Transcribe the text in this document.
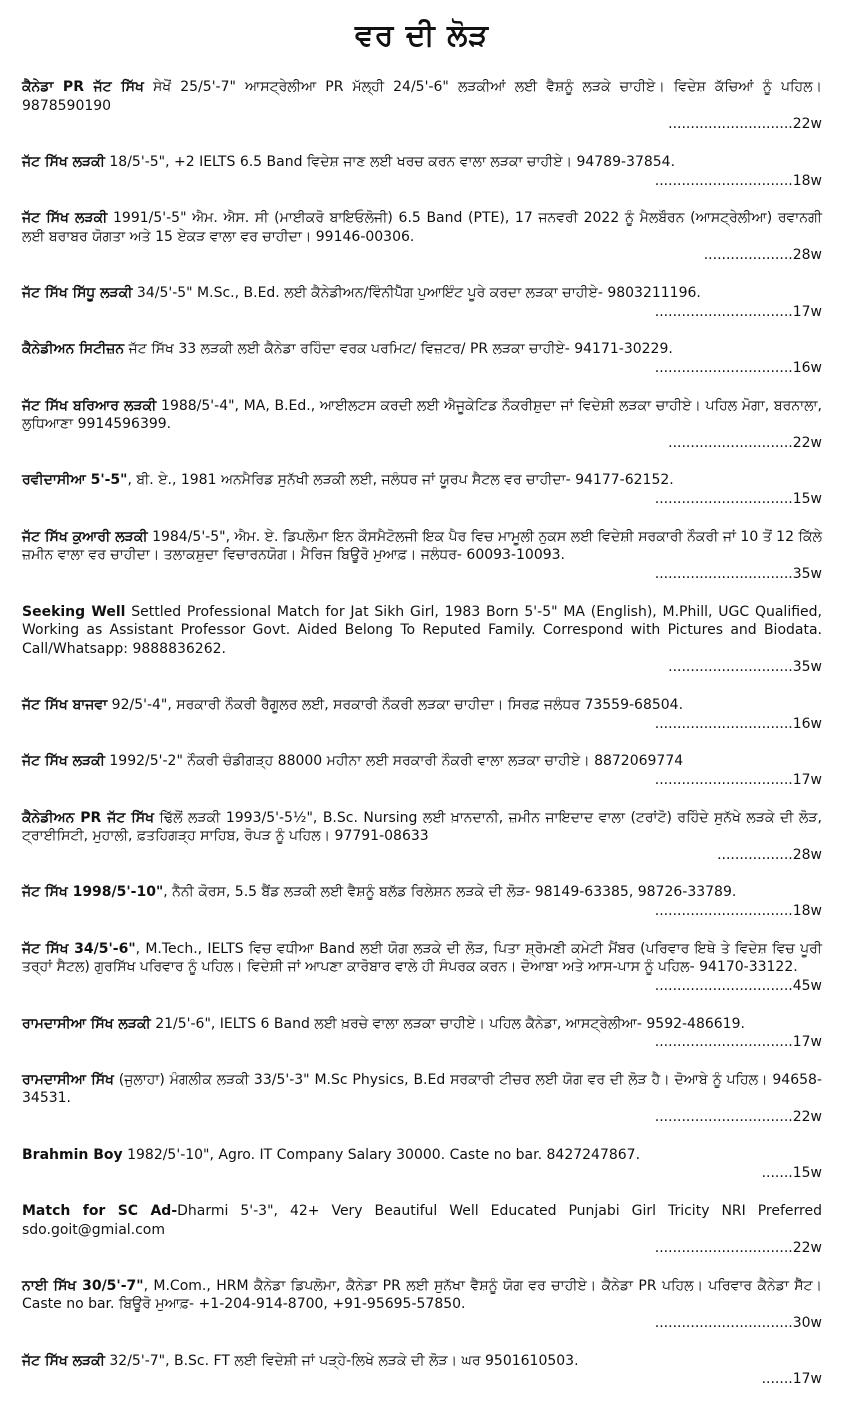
ਵਰ ਦੀ ਲੋੜ
ਕੈਨੇਡਾ PR ਜੱਟ ਸਿੱਖ ਸੇਖੋਂ 25/5'-7" ਆਸਟ੍ਰੇਲੀਆ PR ਮੱਲ੍ਹੀ 24/5'-6" ਲੜਕੀਆਂ ਲਈ ਵੈਸ਼ਨੂੰ ਲੜਕੇ ਚਾਹੀਏ। ਵਿਦੇਸ਼ ਕੱਚਿਆਂ ਨੂੰ ਪਹਿਲ। 9878590190
............................22w
ਜੱਟ ਸਿੱਖ ਲੜਕੀ 18/5'-5", +2 IELTS 6.5 Band ਵਿਦੇਸ਼ ਜਾਣ ਲਈ ਖਰਚ ਕਰਨ ਵਾਲਾ ਲੜਕਾ ਚਾਹੀਏ। 94789-37854.
...............................18w
ਜੱਟ ਸਿੱਖ ਲੜਕੀ 1991/5'-5" ਐਮ. ਐਸ. ਸੀ (ਮਾਈਕਰੋ ਬਾਇਓਲੋਜੀ) 6.5 Band (PTE), 17 ਜਨਵਰੀ 2022 ਨੂੰ ਮੈਲਬੌਰਨ (ਆਸਟ੍ਰੇਲੀਆ) ਰਵਾਨਗੀ ਲਈ ਬਰਾਬਰ ਯੋਗਤਾ ਅਤੇ 15 ਏਕੜ ਵਾਲਾ ਵਰ ਚਾਹੀਦਾ। 99146-00306.
....................28w
ਜੱਟ ਸਿੱਖ ਸਿੱਧੂ ਲੜਕੀ 34/5'-5" M.Sc., B.Ed. ਲਈ ਕੈਨੇਡੀਅਨ/ਵਿੰਨੀਪੈੱਗ ਪੁਆਇੰਟ ਪੂਰੇ ਕਰਦਾ ਲੜਕਾ ਚਾਹੀਏ- 9803211196.
...............................17w
ਕੈਨੇਡੀਅਨ ਸਿਟੀਜ਼ਨ ਜੱਟ ਸਿੱਖ 33 ਲੜਕੀ ਲਈ ਕੈਨੇਡਾ ਰਹਿੰਦਾ ਵਰਕ ਪਰਮਿਟ/ ਵਿਜ਼ਟਰ/ PR ਲੜਕਾ ਚਾਹੀਏ- 94171-30229.
...............................16w
ਜੱਟ ਸਿੱਖ ਬਰਿਆਰ ਲੜਕੀ 1988/5'-4", MA, B.Ed., ਆਈਲਟਸ ਕਰਦੀ ਲਈ ਐਜੂਕੇਟਿਡ ਨੌਕਰੀਸ਼ੁਦਾ ਜਾਂ ਵਿਦੇਸ਼ੀ ਲੜਕਾ ਚਾਹੀਏ। ਪਹਿਲ ਮੋਗਾ, ਬਰਨਾਲਾ, ਲੁਧਿਆਣਾ 9914596399.
............................22w
ਰਵੀਦਾਸੀਆ 5'-5", ਬੀ. ਏ., 1981 ਅਨਮੈਰਿਡ ਸੁਨੱਖੀ ਲੜਕੀ ਲਈ, ਜਲੰਧਰ ਜਾਂ ਯੂਰਪ ਸੈਟਲ ਵਰ ਚਾਹੀਦਾ- 94177-62152.
...............................15w
ਜੱਟ ਸਿੱਖ ਕੁਆਰੀ ਲੜਕੀ 1984/5'-5", ਐਮ. ਏ. ਡਿਪਲੋਮਾ ਇਨ ਕੌਸਮੈਟੋਲਜੀ ਇਕ ਪੈਰ ਵਿਚ ਮਾਮੂਲੀ ਨੁਕਸ ਲਈ ਵਿਦੇਸ਼ੀ ਸਰਕਾਰੀ ਨੌਕਰੀ ਜਾਂ 10 ਤੋਂ 12 ਕਿੱਲੇ ਜ਼ਮੀਨ ਵਾਲਾ ਵਰ ਚਾਹੀਦਾ। ਤਲਾਕਸ਼ੁਦਾ ਵਿਚਾਰਨਯੋਗ। ਮੈਰਿਜ ਬਿਊਰੋ ਮੁਆਫ਼। ਜਲੰਧਰ- 60093-10093.
...............................35w
Seeking Well Settled Professional Match for Jat Sikh Girl, 1983 Born 5'-5" MA (English), M.Phill, UGC Qualified, Working as Assistant Professor Govt. Aided Belong To Reputed Family. Correspond with Pictures and Biodata. Call/Whatsapp: 9888836262.
............................35w
ਜੱਟ ਸਿੱਖ ਬਾਜਵਾ 92/5'-4", ਸਰਕਾਰੀ ਨੌਕਰੀ ਰੈਗੂਲਰ ਲਈ, ਸਰਕਾਰੀ ਨੌਕਰੀ ਲੜਕਾ ਚਾਹੀਦਾ। ਸਿਰਫ਼ ਜਲੰਧਰ 73559-68504.
...............................16w
ਜੱਟ ਸਿੱਖ ਲੜਕੀ 1992/5'-2" ਨੌਕਰੀ ਚੰਡੀਗੜ੍ਹ 88000 ਮਹੀਨਾ ਲਈ ਸਰਕਾਰੀ ਨੌਕਰੀ ਵਾਲਾ ਲੜਕਾ ਚਾਹੀਏ। 8872069774
...............................17w
ਕੈਨੇਡੀਅਨ PR ਜੱਟ ਸਿੱਖ ਢਿੱਲੋਂ ਲੜਕੀ 1993/5'-5½", B.Sc. Nursing ਲਈ ਖ਼ਾਨਦਾਨੀ, ਜ਼ਮੀਨ ਜਾਇਦਾਦ ਵਾਲਾ (ਟਰਾਂਟੋ) ਰਹਿੰਦੇ ਸੁਨੱਖੇ ਲੜਕੇ ਦੀ ਲੋੜ, ਟ੍ਰਾਈਸਿਟੀ, ਮੁਹਾਲੀ, ਫ਼ਤਹਿਗੜ੍ਹ ਸਾਹਿਬ, ਰੋਪੜ ਨੂੰ ਪਹਿਲ। 97791-08633
.................28w
ਜੱਟ ਸਿੱਖ 1998/5'-10", ਨੈਨੀ ਕੋਰਸ, 5.5 ਬੈਂਡ ਲੜਕੀ ਲਈ ਵੈਸ਼ਨੂੰ ਬਲੱਡ ਰਿਲੇਸ਼ਨ ਲੜਕੇ ਦੀ ਲੋੜ- 98149-63385, 98726-33789.
...............................18w
ਜੱਟ ਸਿੱਖ 34/5'-6", M.Tech., IELTS ਵਿਚ ਵਧੀਆ Band ਲਈ ਯੋਗ ਲੜਕੇ ਦੀ ਲੋੜ, ਪਿਤਾ ਸ਼੍ਰੋਮਣੀ ਕਮੇਟੀ ਮੈਂਬਰ (ਪਰਿਵਾਰ ਇਥੇ ਤੇ ਵਿਦੇਸ਼ ਵਿਚ ਪੂਰੀ ਤਰ੍ਹਾਂ ਸੈਟਲ) ਗੁਰਸਿੱਖ ਪਰਿਵਾਰ ਨੂੰ ਪਹਿਲ। ਵਿਦੇਸ਼ੀ ਜਾਂ ਆਪਣਾ ਕਾਰੋਬਾਰ ਵਾਲੇ ਹੀ ਸੰਪਰਕ ਕਰਨ। ਦੋਆਬਾ ਅਤੇ ਆਸ-ਪਾਸ ਨੂੰ ਪਹਿਲ- 94170-33122.
...............................45w
ਰਾਮਦਾਸੀਆ ਸਿੱਖ ਲੜਕੀ 21/5'-6", IELTS 6 Band ਲਈ ਖ਼ਰਚੇ ਵਾਲਾ ਲੜਕਾ ਚਾਹੀਏ। ਪਹਿਲ ਕੈਨੇਡਾ, ਆਸਟ੍ਰੇਲੀਆ- 9592-486619.
...............................17w
ਰਾਮਦਾਸੀਆ ਸਿੱਖ (ਜੁਲਾਹਾ) ਮੰਗਲੀਕ ਲੜਕੀ 33/5'-3" M.Sc Physics, B.Ed ਸਰਕਾਰੀ ਟੀਚਰ ਲਈ ਯੋਗ ਵਰ ਦੀ ਲੋੜ ਹੈ। ਦੋਆਬੇ ਨੂੰ ਪਹਿਲ। 94658-34531.
...............................22w
Brahmin Boy 1982/5'-10", Agro. IT Company Salary 30000. Caste no bar. 8427247867.
.......15w
Match for SC Ad-Dharmi 5'-3", 42+ Very Beautiful Well Educated Punjabi Girl Tricity NRI Preferred sdo.goit@gmial.com
...............................22w
ਨਾਈ ਸਿੱਖ 30/5'-7", M.Com., HRM ਕੈਨੇਡਾ ਡਿਪਲੋਮਾ, ਕੈਨੇਡਾ PR ਲਈ ਸੁਨੱਖਾ ਵੈਸ਼ਨੂੰ ਯੋਗ ਵਰ ਚਾਹੀਏ। ਕੈਨੇਡਾ PR ਪਹਿਲ। ਪਰਿਵਾਰ ਕੈਨੇਡਾ ਸੈੱਟ। Caste no bar. ਬਿਊਰੋ ਮੁਆਫ਼- +1-204-914-8700, +91-95695-57850.
...............................30w
ਜੱਟ ਸਿੱਖ ਲੜਕੀ 32/5'-7", B.Sc. FT ਲਈ ਵਿਦੇਸ਼ੀ ਜਾਂ ਪੜ੍ਹੇ-ਲਿਖੇ ਲੜਕੇ ਦੀ ਲੋੜ। ਘਰ 9501610503.
.......17w
